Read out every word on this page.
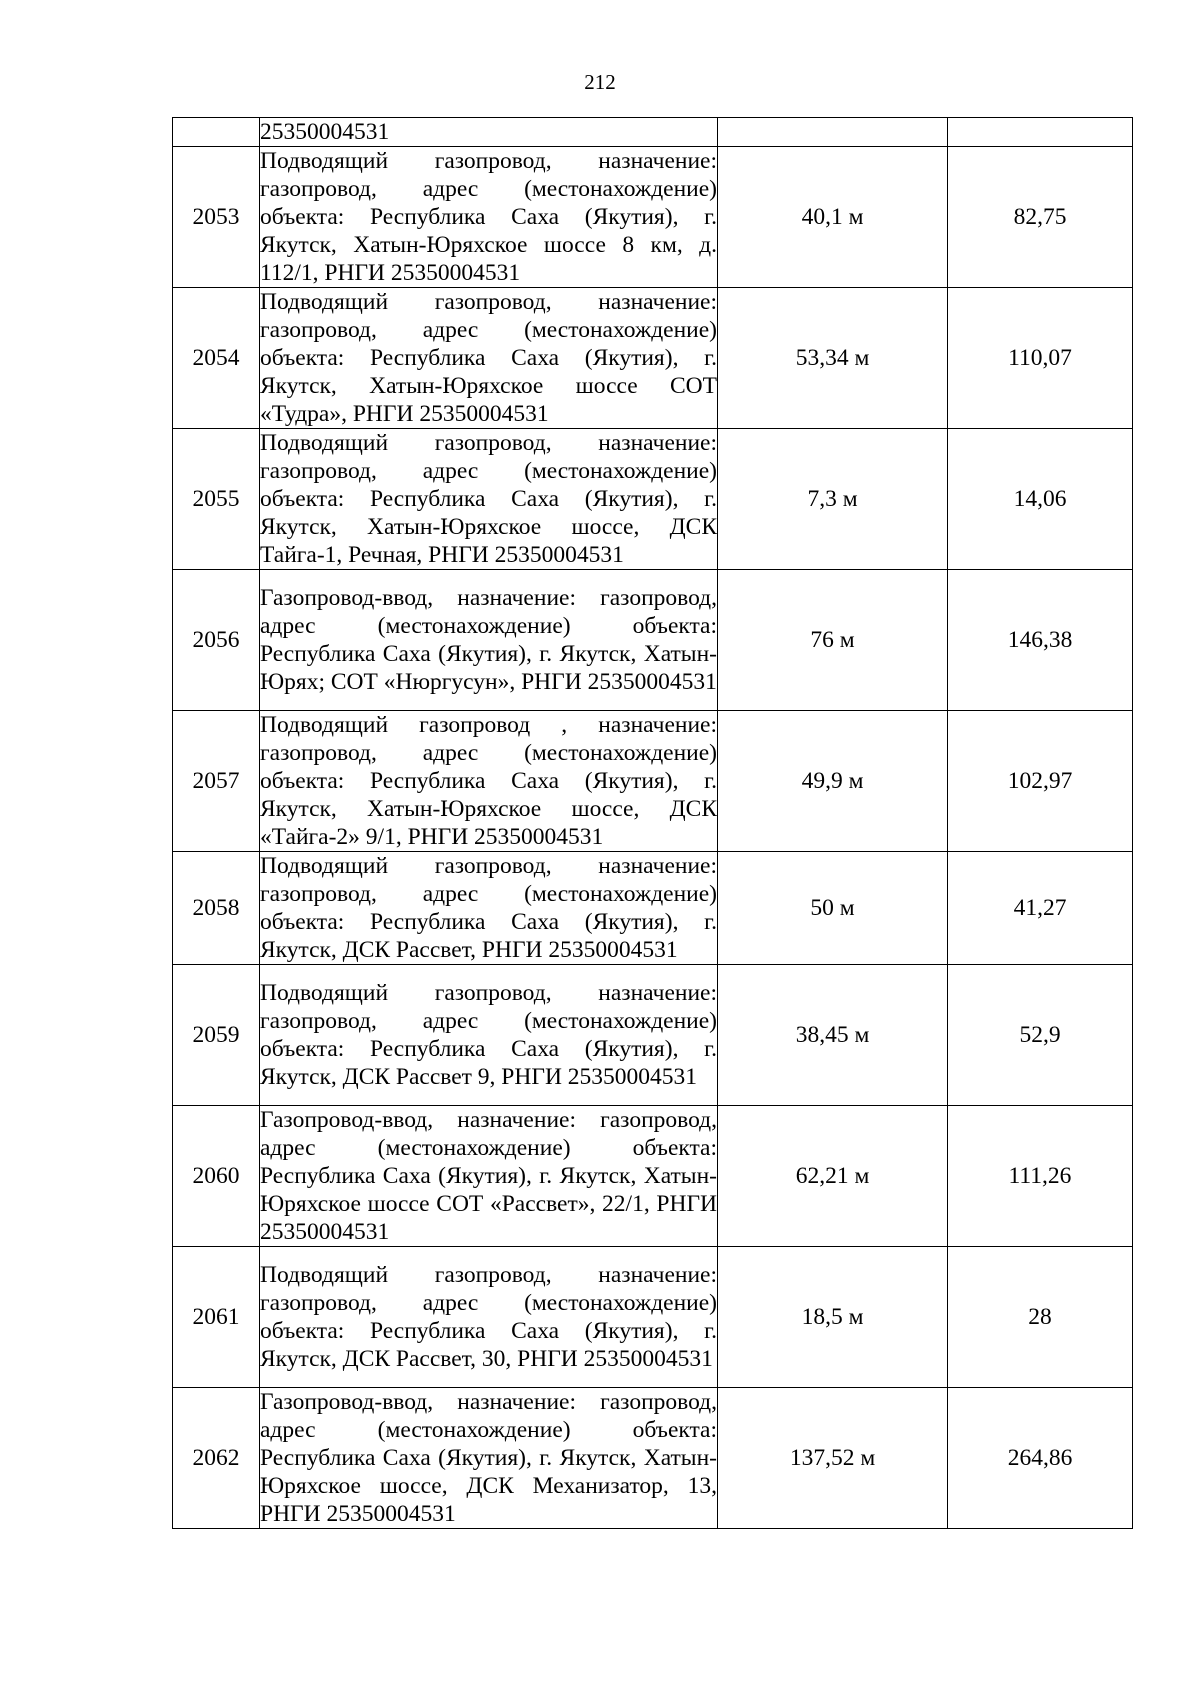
212
	25350004531		
2053	Подводящий газопровод, назначение: газопровод, адрес (местонахождение) объекта: Республика Саха (Якутия), г. Якутск, Хатын-Юряхское шоссе 8 км, д. 112/1, РНГИ 25350004531	40,1 м	82,75
2054	Подводящий газопровод, назначение: газопровод, адрес (местонахождение) объекта: Республика Саха (Якутия), г. Якутск, Хатын-Юряхское шоссе СОТ «Тудра», РНГИ 25350004531	53,34 м	110,07
2055	Подводящий газопровод, назначение: газопровод, адрес (местонахождение) объекта: Республика Саха (Якутия), г. Якутск, Хатын-Юряхское шоссе, ДСК Тайга-1, Речная, РНГИ 25350004531	7,3 м	14,06
2056	Газопровод-ввод, назначение: газопровод, адрес (местонахождение) объекта: Республика Саха (Якутия), г. Якутск, Хатын-Юрях; СОТ «Нюргусун», РНГИ 25350004531	76 м	146,38
2057	Подводящий газопровод , назначение: газопровод, адрес (местонахождение) объекта: Республика Саха (Якутия), г. Якутск, Хатын-Юряхское шоссе, ДСК «Тайга-2» 9/1, РНГИ 25350004531	49,9 м	102,97
2058	Подводящий газопровод, назначение: газопровод, адрес (местонахождение) объекта: Республика Саха (Якутия), г. Якутск, ДСК Рассвет, РНГИ 25350004531	50 м	41,27
2059	Подводящий газопровод, назначение: газопровод, адрес (местонахождение) объекта: Республика Саха (Якутия), г. Якутск, ДСК Рассвет 9, РНГИ 25350004531	38,45 м	52,9
2060	Газопровод-ввод, назначение: газопровод, адрес (местонахождение) объекта: Республика Саха (Якутия), г. Якутск, Хатын-Юряхское шоссе СОТ «Рассвет», 22/1, РНГИ 25350004531	62,21 м	111,26
2061	Подводящий газопровод, назначение: газопровод, адрес (местонахождение) объекта: Республика Саха (Якутия), г. Якутск, ДСК Рассвет, 30, РНГИ 25350004531	18,5 м	28
2062	Газопровод-ввод, назначение: газопровод, адрес (местонахождение) объекта: Республика Саха (Якутия), г. Якутск, Хатын-Юряхское шоссе, ДСК Механизатор, 13, РНГИ 25350004531	137,52 м	264,86
